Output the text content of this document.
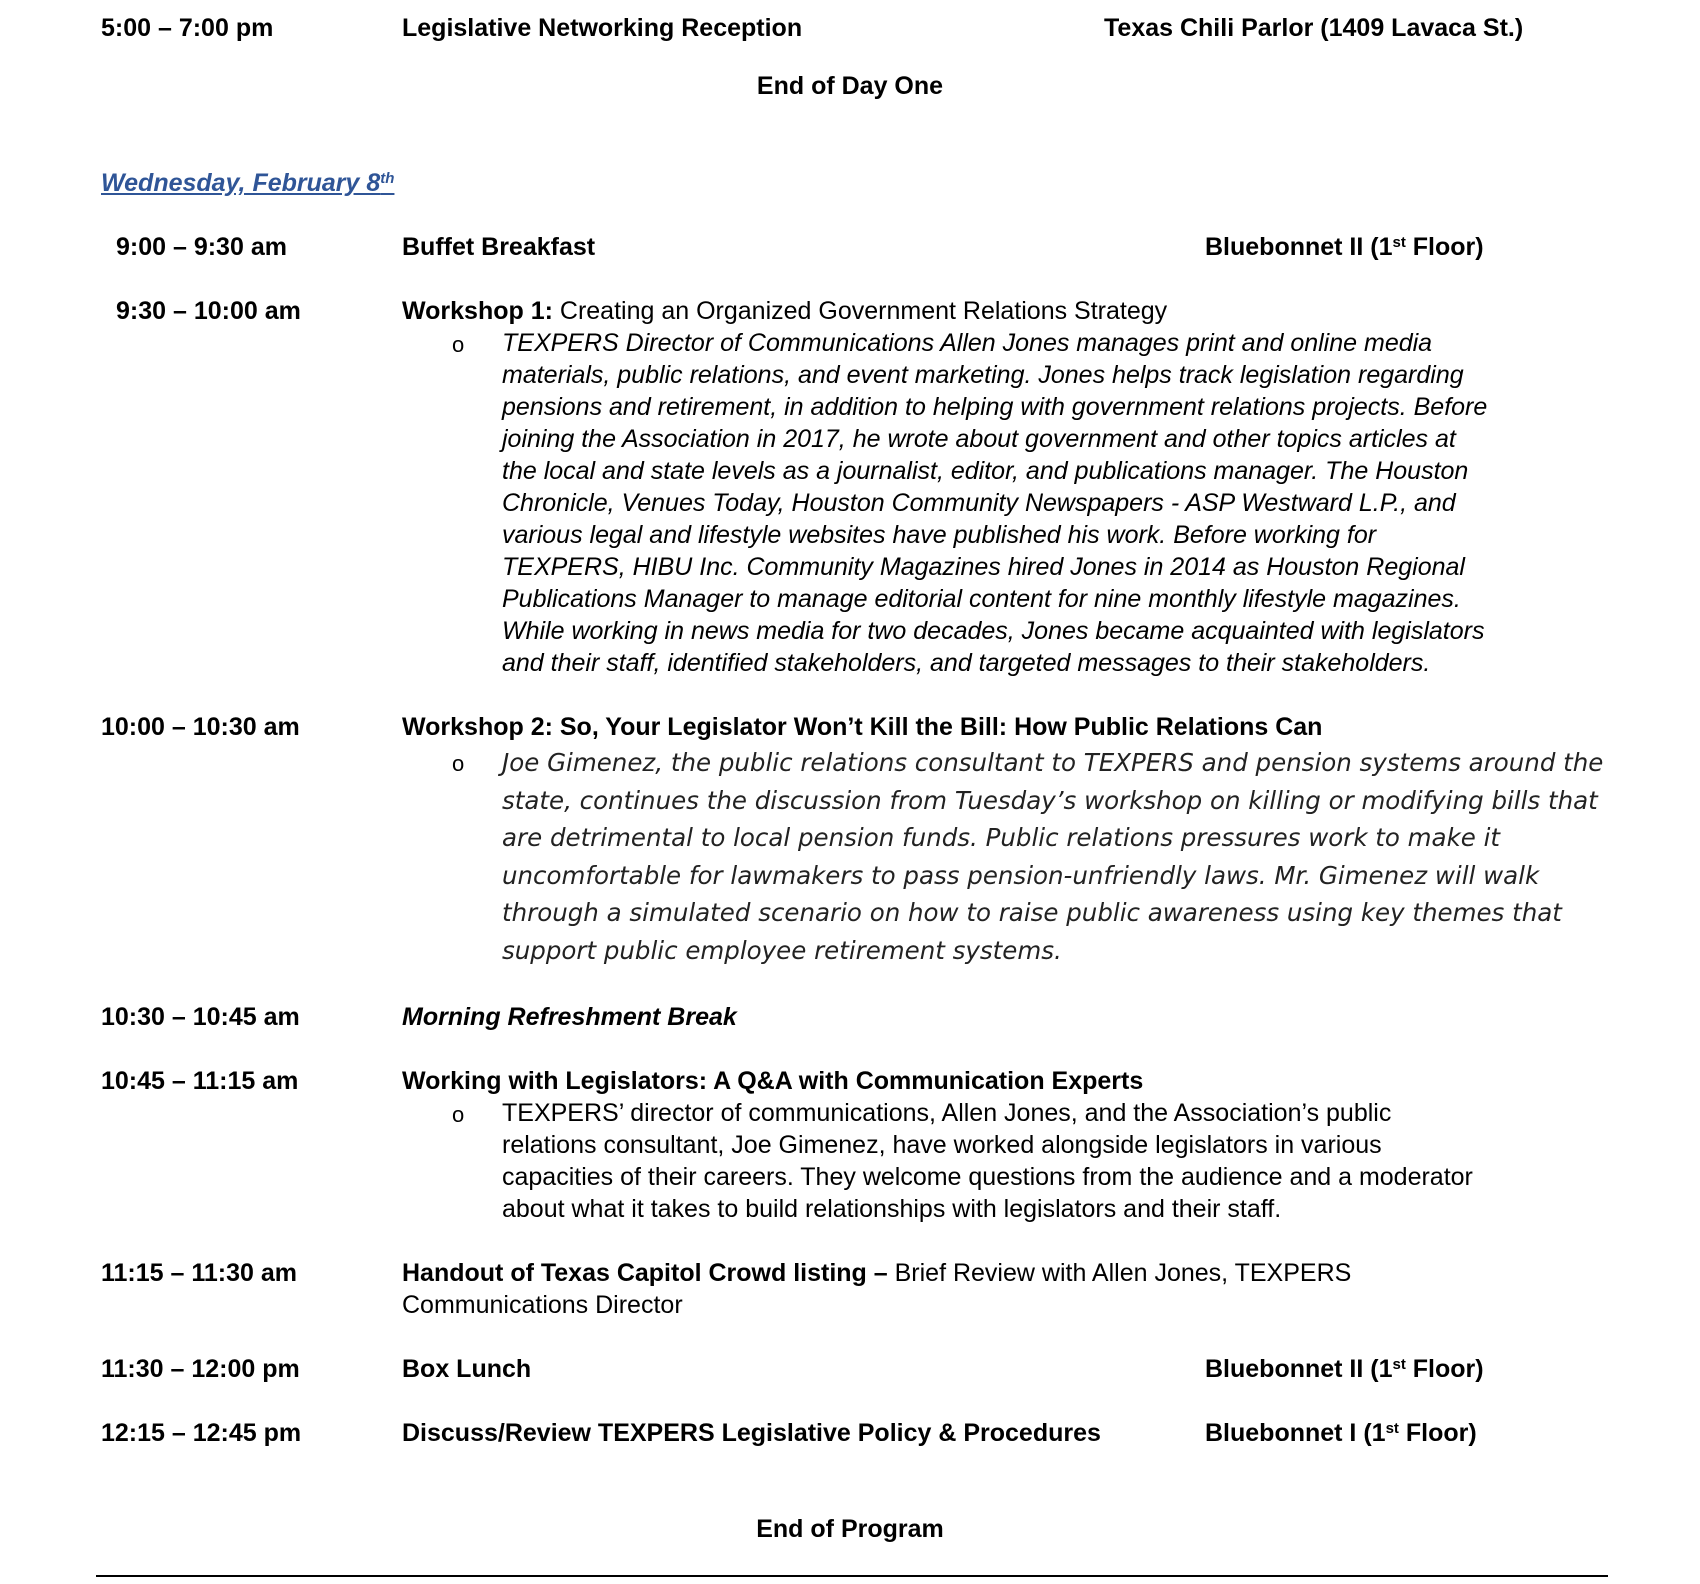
5:00 – 7:00 pm	Legislative Networking Reception	Texas Chili Parlor (1409 Lavaca St.)
End of Day One
Wednesday, February 8th
9:00 – 9:30 am	Buffet Breakfast	Bluebonnet II (1st Floor)
9:30 – 10:00 am	Workshop 1: Creating an Organized Government Relations Strategy
o TEXPERS Director of Communications Allen Jones manages print and online media
materials, public relations, and event marketing. Jones helps track legislation regarding
pensions and retirement, in addition to helping with government relations projects. Before
joining the Association in 2017, he wrote about government and other topics articles at
the local and state levels as a journalist, editor, and publications manager. The Houston
Chronicle, Venues Today, Houston Community Newspapers - ASP Westward L.P., and
various legal and lifestyle websites have published his work. Before working for
TEXPERS, HIBU Inc. Community Magazines hired Jones in 2014 as Houston Regional
Publications Manager to manage editorial content for nine monthly lifestyle magazines.
While working in news media for two decades, Jones became acquainted with legislators
and their staff, identified stakeholders, and targeted messages to their stakeholders.
10:00 – 10:30 am	Workshop 2: So, Your Legislator Won’t Kill the Bill: How Public Relations Can
o Joe Gimenez, the public relations consultant to TEXPERS and pension systems around the
state, continues the discussion from Tuesday’s workshop on killing or modifying bills that
are detrimental to local pension funds. Public relations pressures work to make it
uncomfortable for lawmakers to pass pension-unfriendly laws. Mr. Gimenez will walk
through a simulated scenario on how to raise public awareness using key themes that
support public employee retirement systems.
10:30 – 10:45 am	Morning Refreshment Break
10:45 – 11:15 am	Working with Legislators: A Q&A with Communication Experts
o TEXPERS’ director of communications, Allen Jones, and the Association’s public
relations consultant, Joe Gimenez, have worked alongside legislators in various
capacities of their careers. They welcome questions from the audience and a moderator
about what it takes to build relationships with legislators and their staff.
11:15 – 11:30 am	Handout of Texas Capitol Crowd listing – Brief Review with Allen Jones, TEXPERS
Communications Director
11:30 – 12:00 pm	Box Lunch	Bluebonnet II (1st Floor)
12:15 – 12:45 pm	Discuss/Review TEXPERS Legislative Policy & Procedures	Bluebonnet I (1st Floor)
End of Program
